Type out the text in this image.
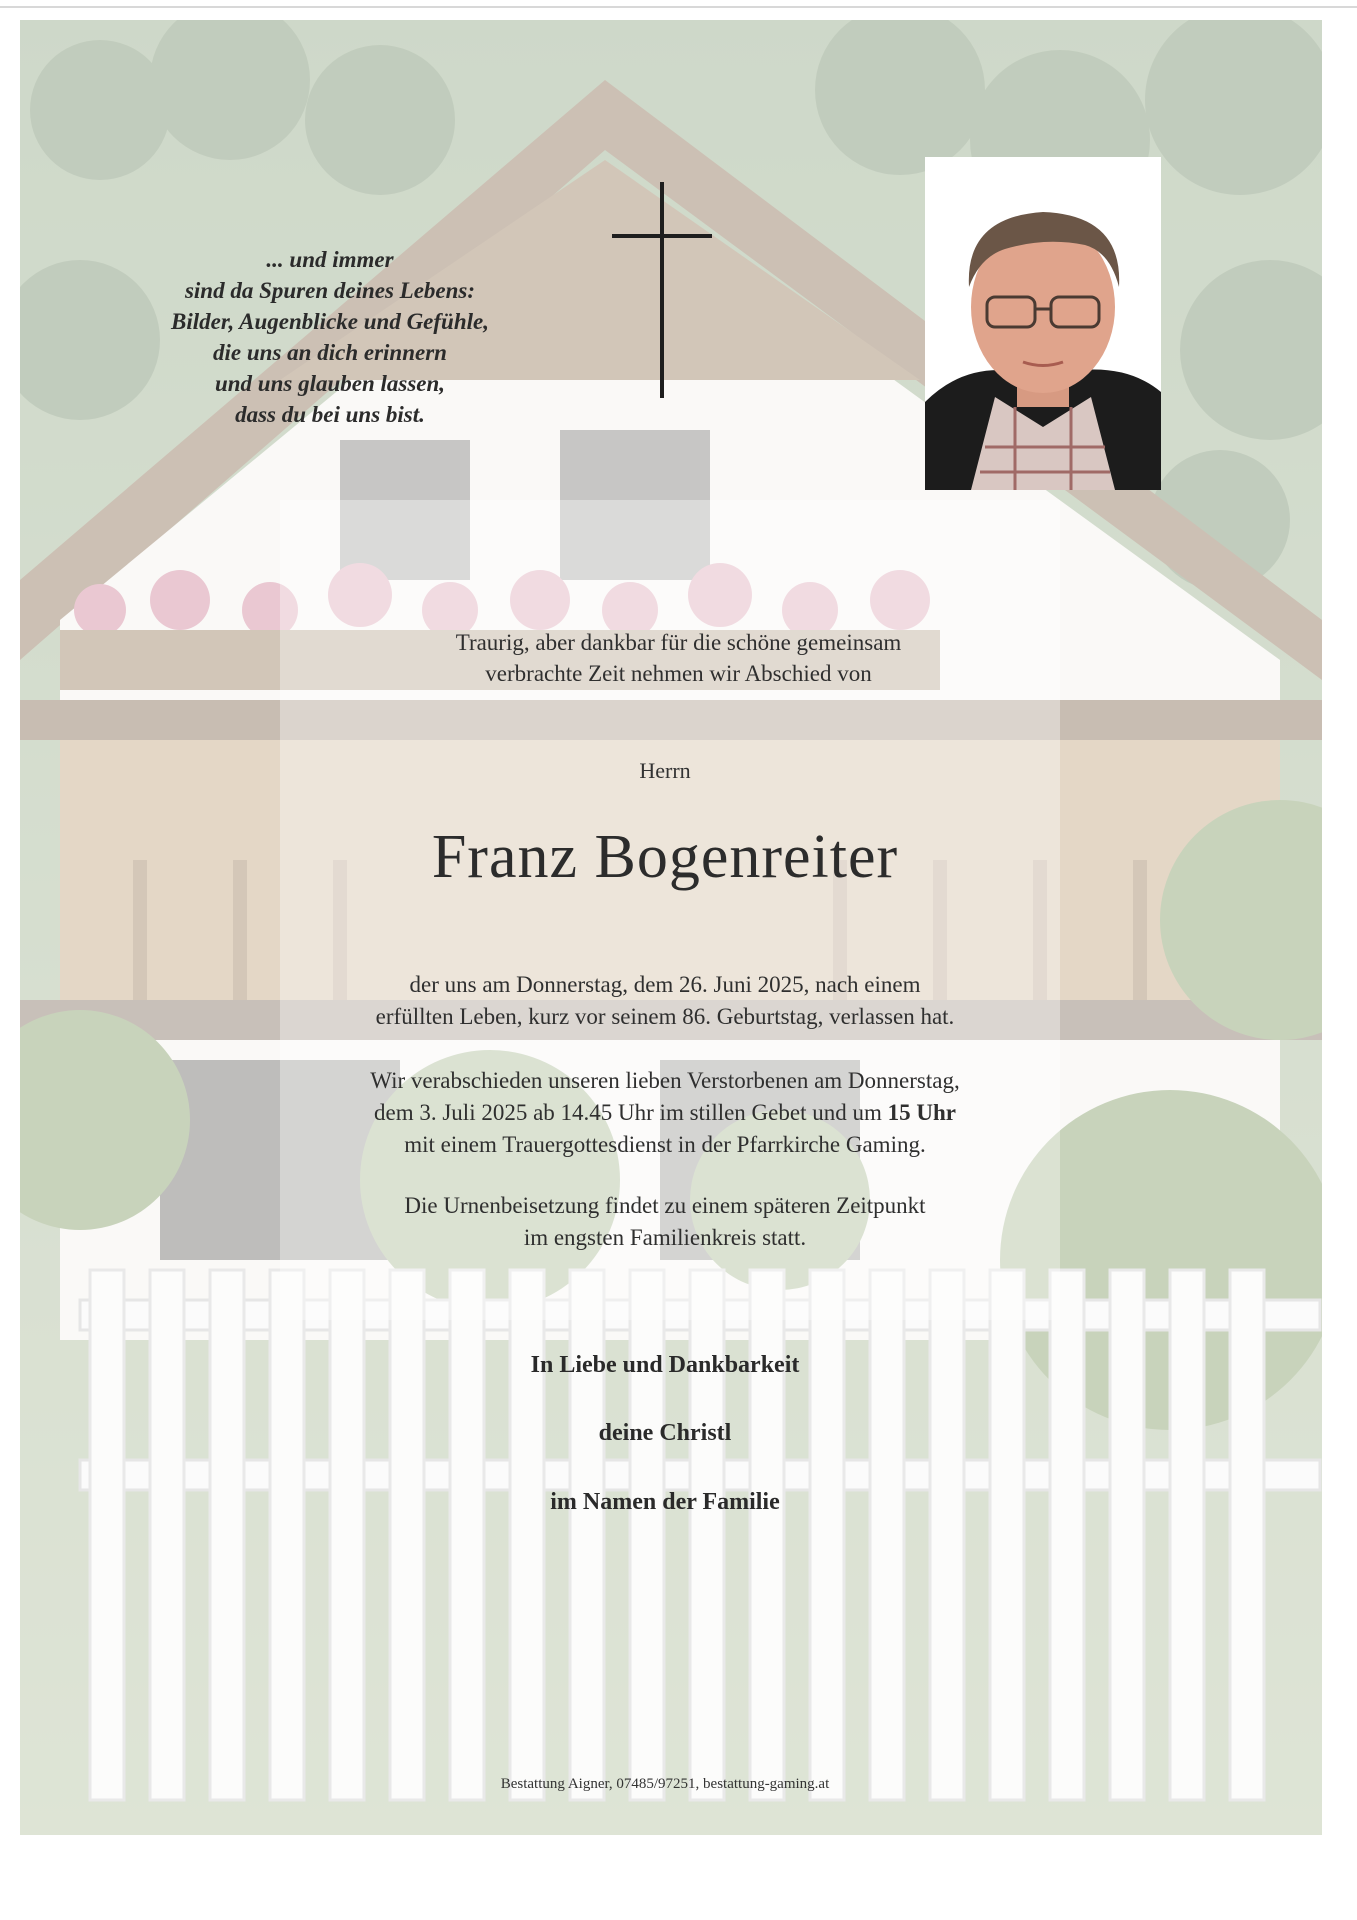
... und immer
sind da Spuren deines Lebens:
Bilder, Augenblicke und Gefühle,
die uns an dich erinnern
und uns glauben lassen,
dass du bei uns bist.
Traurig, aber dankbar für die schöne gemeinsam
verbrachte Zeit nehmen wir Abschied von
Herrn
Franz Bogenreiter
der uns am Donnerstag, dem 26. Juni 2025, nach einem
erfüllten Leben, kurz vor seinem 86. Geburtstag, verlassen hat.
Wir verabschieden unseren lieben Verstorbenen am Donnerstag,
dem 3. Juli 2025 ab 14.45 Uhr im stillen Gebet und um 15 Uhr
mit einem Trauergottesdienst in der Pfarrkirche Gaming.
Die Urnenbeisetzung findet zu einem späteren Zeitpunkt
im engsten Familienkreis statt.
In Liebe und Dankbarkeit
deine Christl
im Namen der Familie
Bestattung Aigner, 07485/97251, bestattung-gaming.at
